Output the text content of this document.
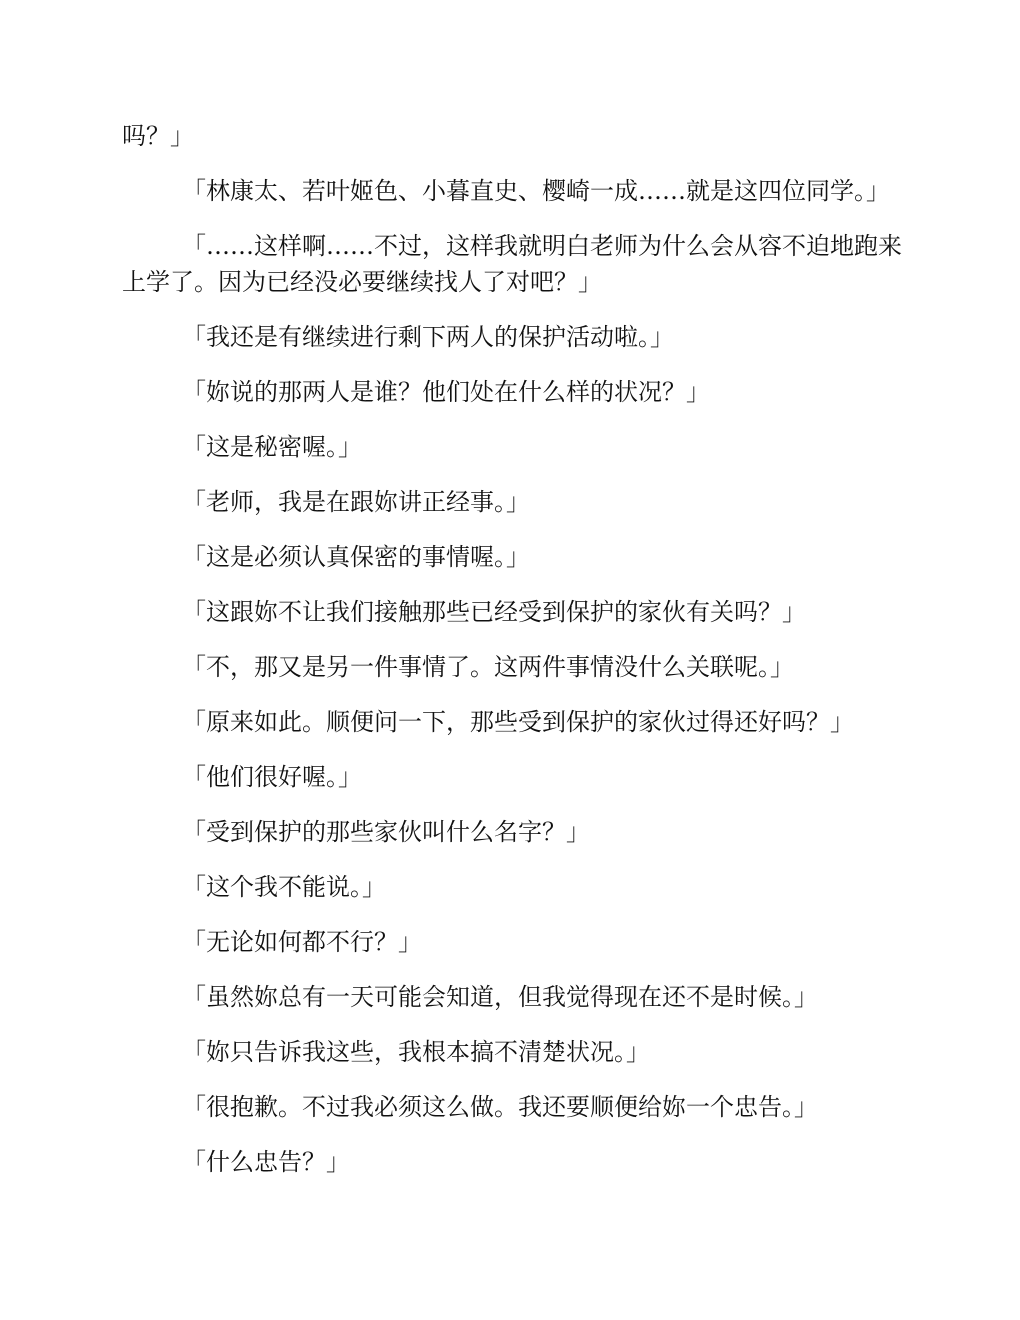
吗？」

「林康太、若叶姬色、小暮直史、樱崎一成……就是这四位同学。」

「……这样啊……不过，这样我就明白老师为什么会从容不迫地跑来上学了。因为已经没必要继续找人了对吧？」

「我还是有继续进行剩下两人的保护活动啦。」

「妳说的那两人是谁？他们处在什么样的状况？」

「这是秘密喔。」

「老师，我是在跟妳讲正经事。」

「这是必须认真保密的事情喔。」

「这跟妳不让我们接触那些已经受到保护的家伙有关吗？」

「不，那又是另一件事情了。这两件事情没什么关联呢。」

「原来如此。顺便问一下，那些受到保护的家伙过得还好吗？」

「他们很好喔。」

「受到保护的那些家伙叫什么名字？」

「这个我不能说。」

「无论如何都不行？」

「虽然妳总有一天可能会知道，但我觉得现在还不是时候。」

「妳只告诉我这些，我根本搞不清楚状况。」

「很抱歉。不过我必须这么做。我还要顺便给妳一个忠告。」

「什么忠告？」
